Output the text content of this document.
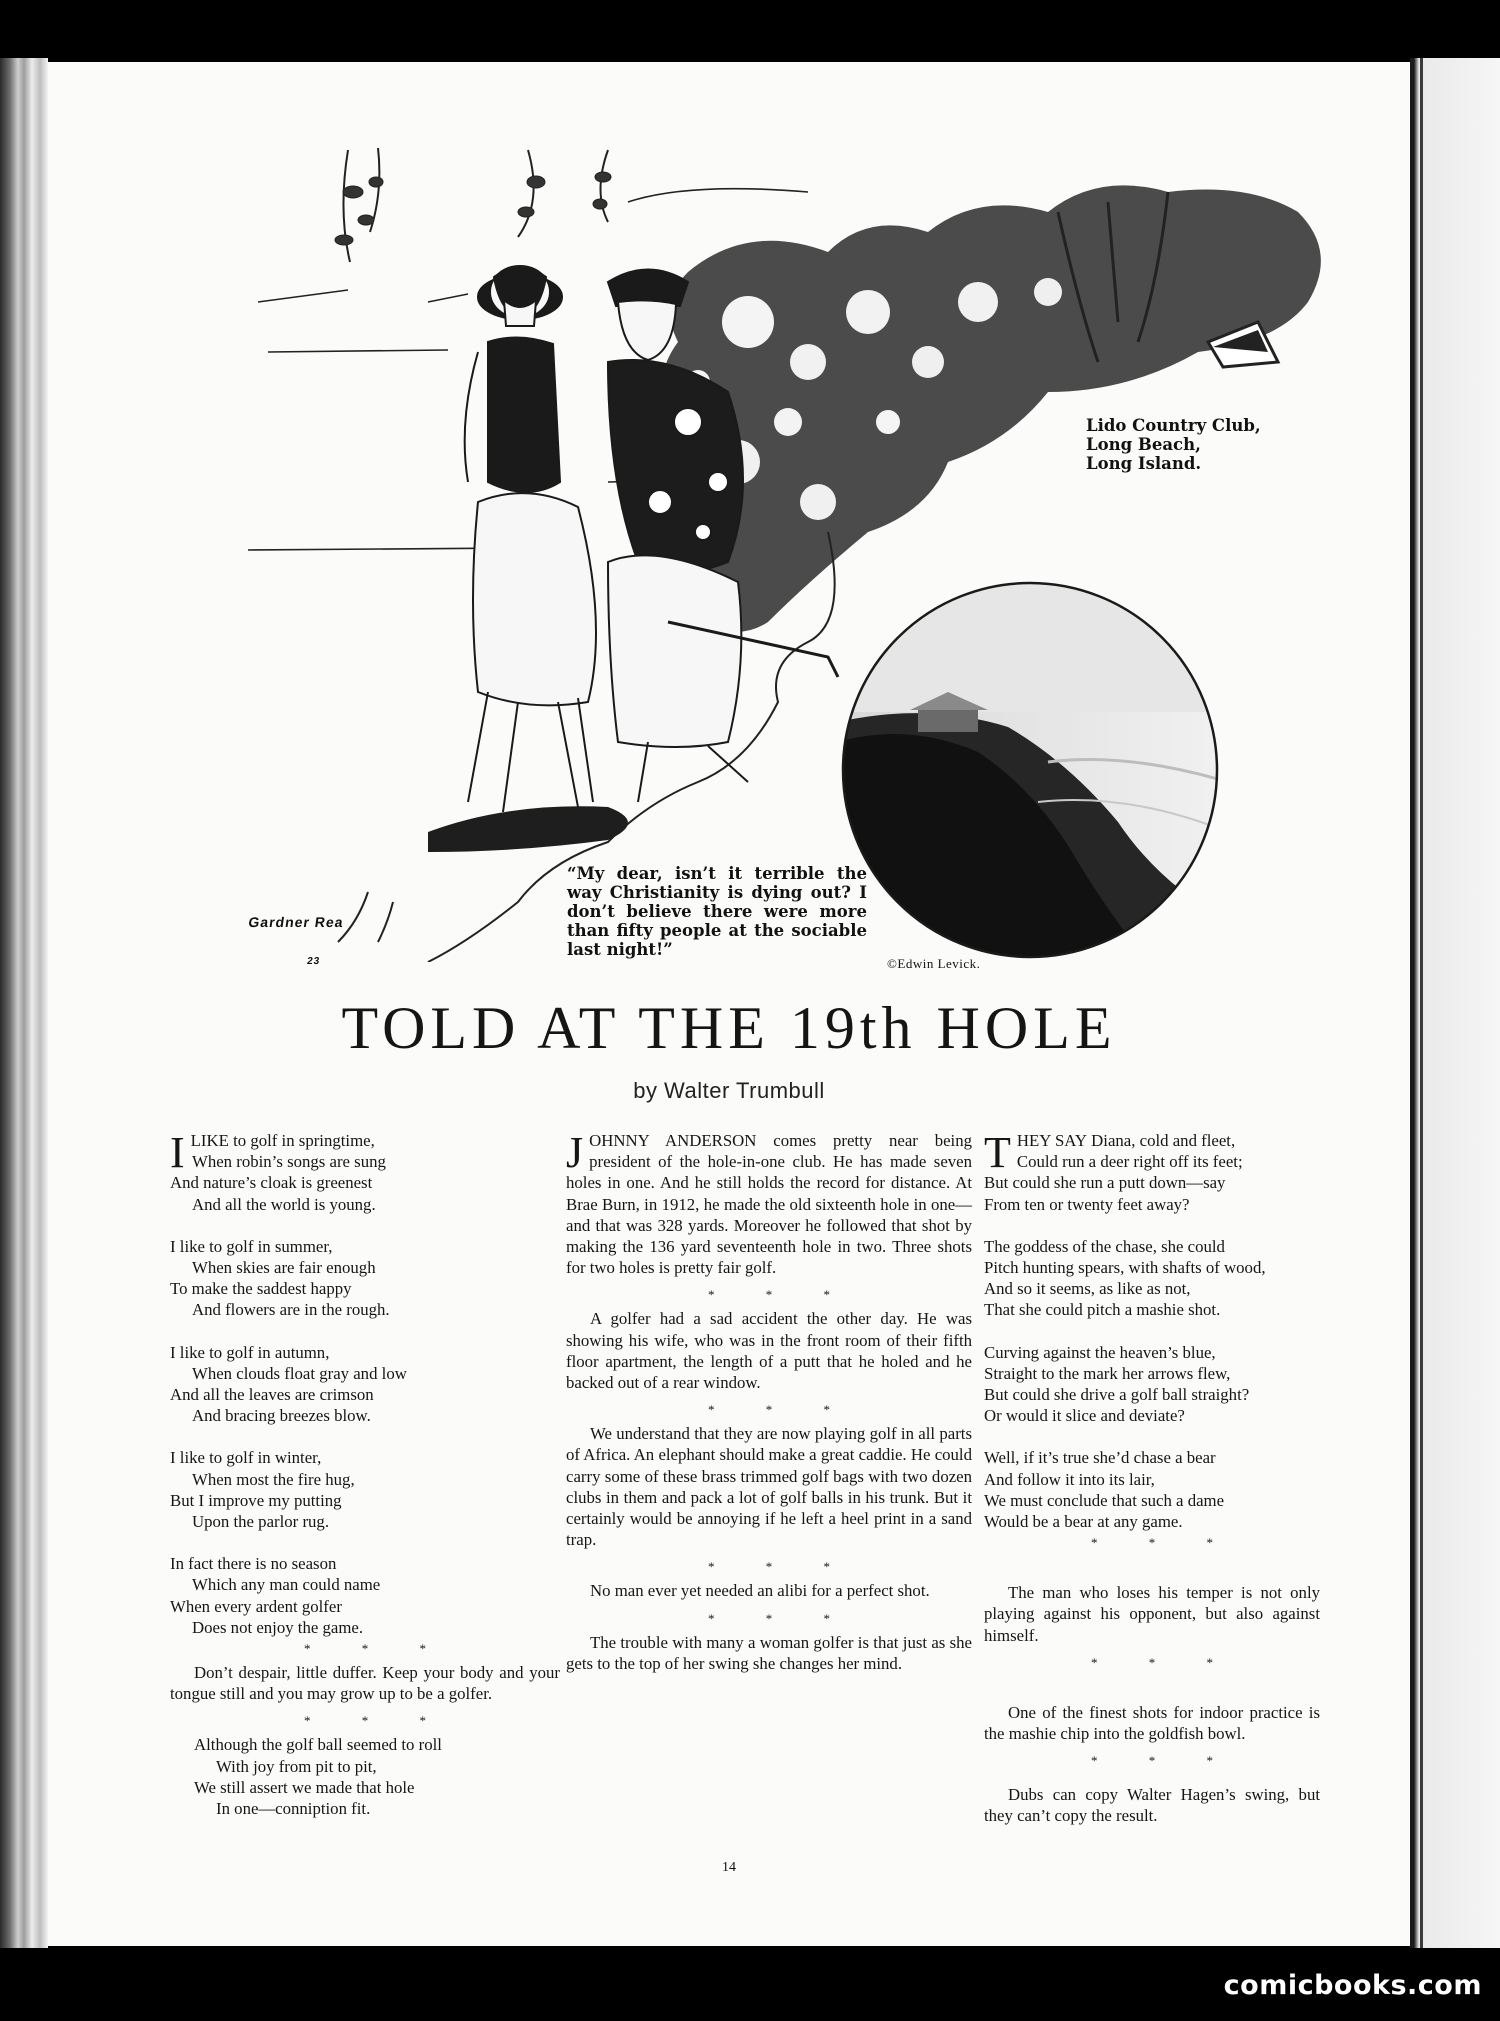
Lido Country Club,
Long Beach,
Long Island.
“My dear, isn’t it terrible the way Christianity is dying out? I don’t believe there were more than fifty people at the sociable last night!”
©Edwin Levick.
Gardner Rea
23
TOLD AT THE 19th HOLE
by Walter Trumbull
ILIKE to golf in springtime,
When robin’s songs are sung
And nature’s cloak is greenest
And all the world is young.
I like to golf in summer,
When skies are fair enough
To make the saddest happy
And flowers are in the rough.
I like to golf in autumn,
When clouds float gray and low
And all the leaves are crimson
And bracing breezes blow.
I like to golf in winter,
When most the fire hug,
But I improve my putting
Upon the parlor rug.
In fact there is no season
Which any man could name
When every ardent golfer
Does not enjoy the game.
* * *

Don’t despair, little duffer. Keep your body and your tongue still and you may grow up to be a golfer.

* * *
Although the golf ball seemed to roll
With joy from pit to pit,
We still assert we made that hole
In one—conniption fit.

JOHNNY ANDERSON comes pretty near being president of the hole-in-one club. He has made seven holes in one. And he still holds the record for distance. At Brae Burn, in 1912, he made the old sixteenth hole in one—and that was 328 yards. Moreover he followed that shot by making the 136 yard seventeenth hole in two. Three shots for two holes is pretty fair golf.

* * *

A golfer had a sad accident the other day. He was showing his wife, who was in the front room of their fifth floor apartment, the length of a putt that he holed and he backed out of a rear window.

* * *

We understand that they are now playing golf in all parts of Africa. An elephant should make a great caddie. He could carry some of these brass trimmed golf bags with two dozen clubs in them and pack a lot of golf balls in his trunk. But it certainly would be annoying if he left a heel print in a sand trap.

* * *

No man ever yet needed an alibi for a perfect shot.

* * *

The trouble with many a woman golfer is that just as she gets to the top of her swing she changes her mind.

THEY SAY Diana, cold and fleet,
Could run a deer right off its feet;
But could she run a putt down—say
From ten or twenty feet away?
The goddess of the chase, she could
Pitch hunting spears, with shafts of wood,
And so it seems, as like as not,
That she could pitch a mashie shot.
Curving against the heaven’s blue,
Straight to the mark her arrows flew,
But could she drive a golf ball straight?
Or would it slice and deviate?
Well, if it’s true she’d chase a bear
And follow it into its lair,
We must conclude that such a dame
Would be a bear at any game.
* * *

The man who loses his temper is not only playing against his opponent, but also against himself.

* * *

One of the finest shots for indoor practice is the mashie chip into the goldfish bowl.

* * *

Dubs can copy Walter Hagen’s swing, but they can’t copy the result.

14
comicbooks.com
